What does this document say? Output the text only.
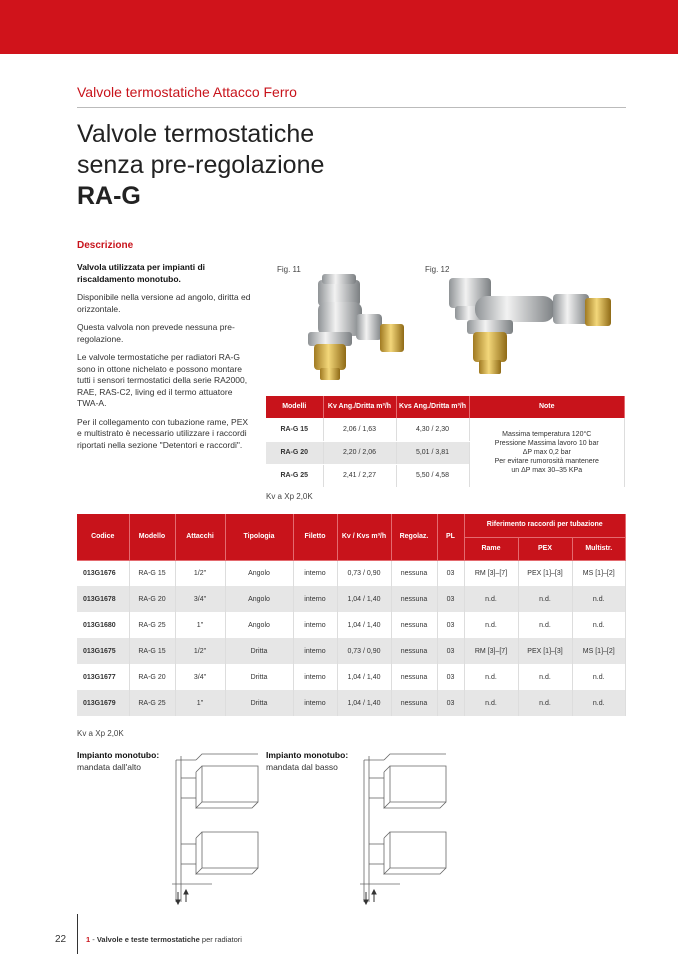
Valvole termostatiche Attacco Ferro
Valvole termostatiche
senza pre-regolazione
RA-G
Descrizione

Valvola utilizzata per impianti di riscaldamento monotubo.

Disponibile nella versione ad angolo, diritta ed orizzontale.

Questa valvola non prevede nessuna pre-regolazione.

Le valvole termostatiche per radiatori RA-G sono in ottone nichelato e possono montare tutti i sensori termostatici della serie RA2000, RAE, RAS-C2, living ed il termo attuatore TWA-A.

Per il collegamento con tubazione rame, PEX e multistrato è necessario utilizzare i raccordi riportati nella sezione "Detentori e raccordi".

Fig. 11	Fig. 12
Modelli	Kv Ang./Dritta m³/h	Kvs Ang./Dritta m³/h	Note
RA-G 15	2,06 / 1,63	4,30 / 2,30	Massima temperatura 120°C
Pressione Massima lavoro 10 bar
ΔP max 0,2 bar
Per evitare rumorosità mantenere
un ΔP max 30–35 KPa

RA-G 20	2,20 / 2,06	5,01 / 3,81	
RA-G 25	2,41 / 2,27	5,50 / 4,58	
Kv a Xp 2,0K
Codice	Modello	Attacchi	Tipologia	Filetto	Kv / Kvs m³/h	Regolaz.	PL	Riferimento raccordi per tubazione		
								Rame	PEX	Multistr.
013G1676	RA-G 15	1/2"	Angolo	interno	0,73 / 0,90	nessuna	03	RM [3]–[7]	PEX [1]–[3]	MS [1]–[2]
013G1678	RA-G 20	3/4"	Angolo	interno	1,04 / 1,40	nessuna	03	n.d.	n.d.	n.d.
013G1680	RA-G 25	1"	Angolo	interno	1,04 / 1,40	nessuna	03	n.d.	n.d.	n.d.
013G1675	RA-G 15	1/2"	Dritta	interno	0,73 / 0,90	nessuna	03	RM [3]–[7]	PEX [1]–[3]	MS [1]–[2]
013G1677	RA-G 20	3/4"	Dritta	interno	1,04 / 1,40	nessuna	03	n.d.	n.d.	n.d.
013G1679	RA-G 25	1"	Dritta	interno	1,04 / 1,40	nessuna	03	n.d.	n.d.	n.d.
Kv a Xp 2,0K
Impianto monotubo:
mandata dall'alto
Impianto monotubo:
mandata dal basso
22	1 - Valvole e teste termostatiche per radiatori
